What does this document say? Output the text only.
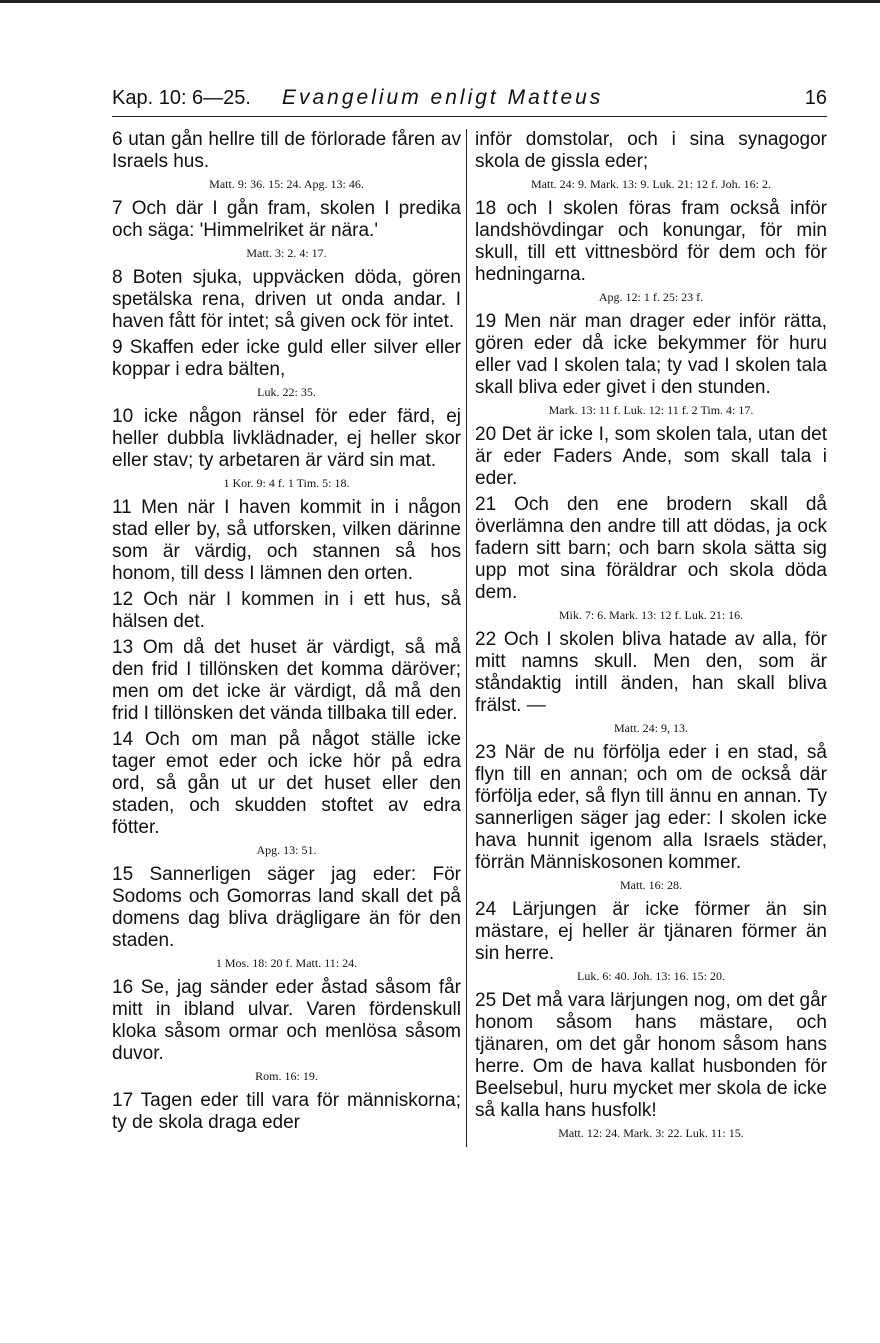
Kap. 10: 6—25.	Evangelium enligt Matteus	16

6 utan gån hellre till de förlorade fåren av Israels hus.

Matt. 9: 36. 15: 24. Apg. 13: 46.

7 Och där I gån fram, skolen I predika och säga: 'Himmelriket är nära.'

Matt. 3: 2. 4: 17.

8 Boten sjuka, uppväcken döda, gören spetälska rena, driven ut onda andar. I haven fått för intet; så given ock för intet.

9 Skaffen eder icke guld eller silver eller koppar i edra bälten,

Luk. 22: 35.

10 icke någon ränsel för eder färd, ej heller dubbla livklädnader, ej heller skor eller stav; ty arbetaren är värd sin mat.

1 Kor. 9: 4 f. 1 Tim. 5: 18.

11 Men när I haven kommit in i någon stad eller by, så utforsken, vilken därinne som är värdig, och stannen så hos honom, till dess I lämnen den orten.

12 Och när I kommen in i ett hus, så hälsen det.

13 Om då det huset är värdigt, så må den frid I tillönsken det komma däröver; men om det icke är värdigt, då må den frid I tillönsken det vända tillbaka till eder.

14 Och om man på något ställe icke tager emot eder och icke hör på edra ord, så gån ut ur det huset eller den staden, och skudden stoftet av edra fötter.

Apg. 13: 51.

15 Sannerligen säger jag eder: För Sodoms och Gomorras land skall det på domens dag bliva drägligare än för den staden.

1 Mos. 18: 20 f. Matt. 11: 24.

16 Se, jag sänder eder åstad såsom får mitt in ibland ulvar. Varen fördenskull kloka såsom ormar och menlösa såsom duvor.

Rom. 16: 19.

17 Tagen eder till vara för människorna; ty de skola draga eder

inför domstolar, och i sina synagogor skola de gissla eder;

Matt. 24: 9. Mark. 13: 9. Luk. 21: 12 f. Joh. 16: 2.

18 och I skolen föras fram också inför landshövdingar och konungar, för min skull, till ett vittnesbörd för dem och för hedningarna.

Apg. 12: 1 f. 25: 23 f.

19 Men när man drager eder inför rätta, gören eder då icke bekymmer för huru eller vad I skolen tala; ty vad I skolen tala skall bliva eder givet i den stunden.

Mark. 13: 11 f. Luk. 12: 11 f. 2 Tim. 4: 17.

20 Det är icke I, som skolen tala, utan det är eder Faders Ande, som skall tala i eder.

21 Och den ene brodern skall då överlämna den andre till att dödas, ja ock fadern sitt barn; och barn skola sätta sig upp mot sina föräldrar och skola döda dem.

Mik. 7: 6. Mark. 13: 12 f. Luk. 21: 16.

22 Och I skolen bliva hatade av alla, för mitt namns skull. Men den, som är ståndaktig intill änden, han skall bliva frälst. —

Matt. 24: 9, 13.

23 När de nu förfölja eder i en stad, så flyn till en annan; och om de också där förfölja eder, så flyn till ännu en annan. Ty sannerligen säger jag eder: I skolen icke hava hunnit igenom alla Israels städer, förrän Människosonen kommer.

Matt. 16: 28.

24 Lärjungen är icke förmer än sin mästare, ej heller är tjänaren förmer än sin herre.

Luk. 6: 40. Joh. 13: 16. 15: 20.

25 Det må vara lärjungen nog, om det går honom såsom hans mästare, och tjänaren, om det går honom såsom hans herre. Om de hava kallat husbonden för Beelsebul, huru mycket mer skola de icke så kalla hans husfolk!

Matt. 12: 24. Mark. 3: 22. Luk. 11: 15.
